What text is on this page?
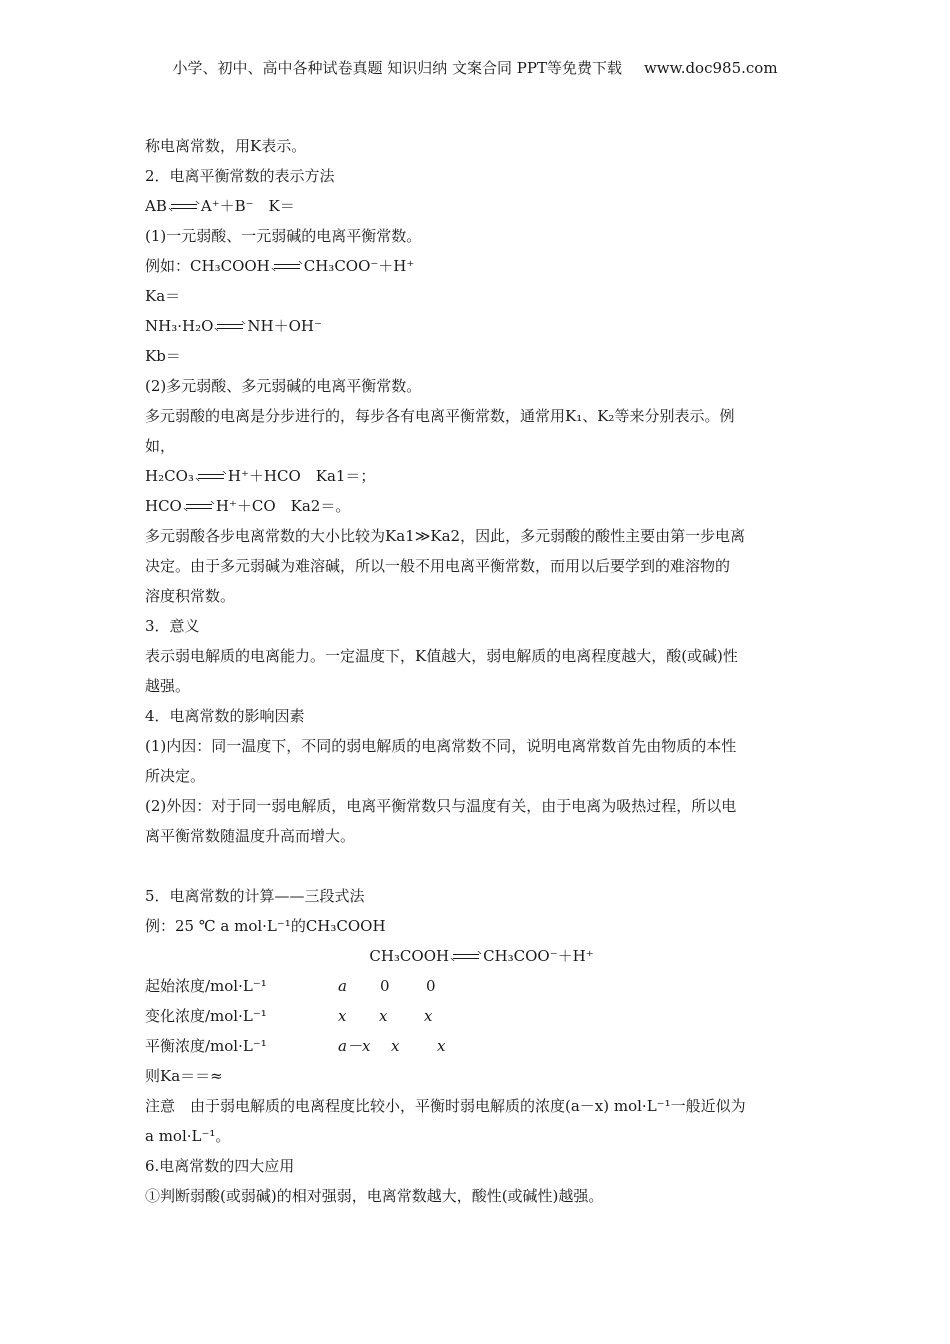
小学、初中、高中各种试卷真题 知识归纳 文案合同 PPT等免费下载 www.doc985.com
称电离常数，用K表示。
2．电离平衡常数的表示方法
AB A⁺＋B⁻　K＝
(1)一元弱酸、一元弱碱的电离平衡常数。
例如：CH₃COOH CH₃COO⁻＋H⁺
Ka＝
NH₃·H₂O NH＋OH⁻
Kb＝
(2)多元弱酸、多元弱碱的电离平衡常数。
多元弱酸的电离是分步进行的，每步各有电离平衡常数，通常用K₁、K₂等来分别表示。例
如，
H₂CO₃ H⁺＋HCO　Ka1＝；
HCO H⁺＋CO　Ka2＝。
多元弱酸各步电离常数的大小比较为Ka1≫Ka2，因此，多元弱酸的酸性主要由第一步电离
决定。由于多元弱碱为难溶碱，所以一般不用电离平衡常数，而用以后要学到的难溶物的
溶度积常数。
3．意义
表示弱电解质的电离能力。一定温度下，K值越大，弱电解质的电离程度越大，酸(或碱)性
越强。
4．电离常数的影响因素
(1)内因：同一温度下，不同的弱电解质的电离常数不同，说明电离常数首先由物质的本性
所决定。
(2)外因：对于同一弱电解质，电离平衡常数只与温度有关，由于电离为吸热过程，所以电
离平衡常数随温度升高而增大。
5．电离常数的计算——三段式法
例：25 ℃ a mol·L⁻¹的CH₃COOH
CH₃COOH CH₃COO⁻＋H⁺
起始浓度/mol·L⁻¹	a 0 0
变化浓度/mol·L⁻¹	x x x
平衡浓度/mol·L⁻¹	a－x x	x
则Ka＝＝≈
注意　由于弱电解质的电离程度比较小，平衡时弱电解质的浓度(a－x) mol·L⁻¹一般近似为
a mol·L⁻¹。
6.电离常数的四大应用
①判断弱酸(或弱碱)的相对强弱，电离常数越大，酸性(或碱性)越强。
